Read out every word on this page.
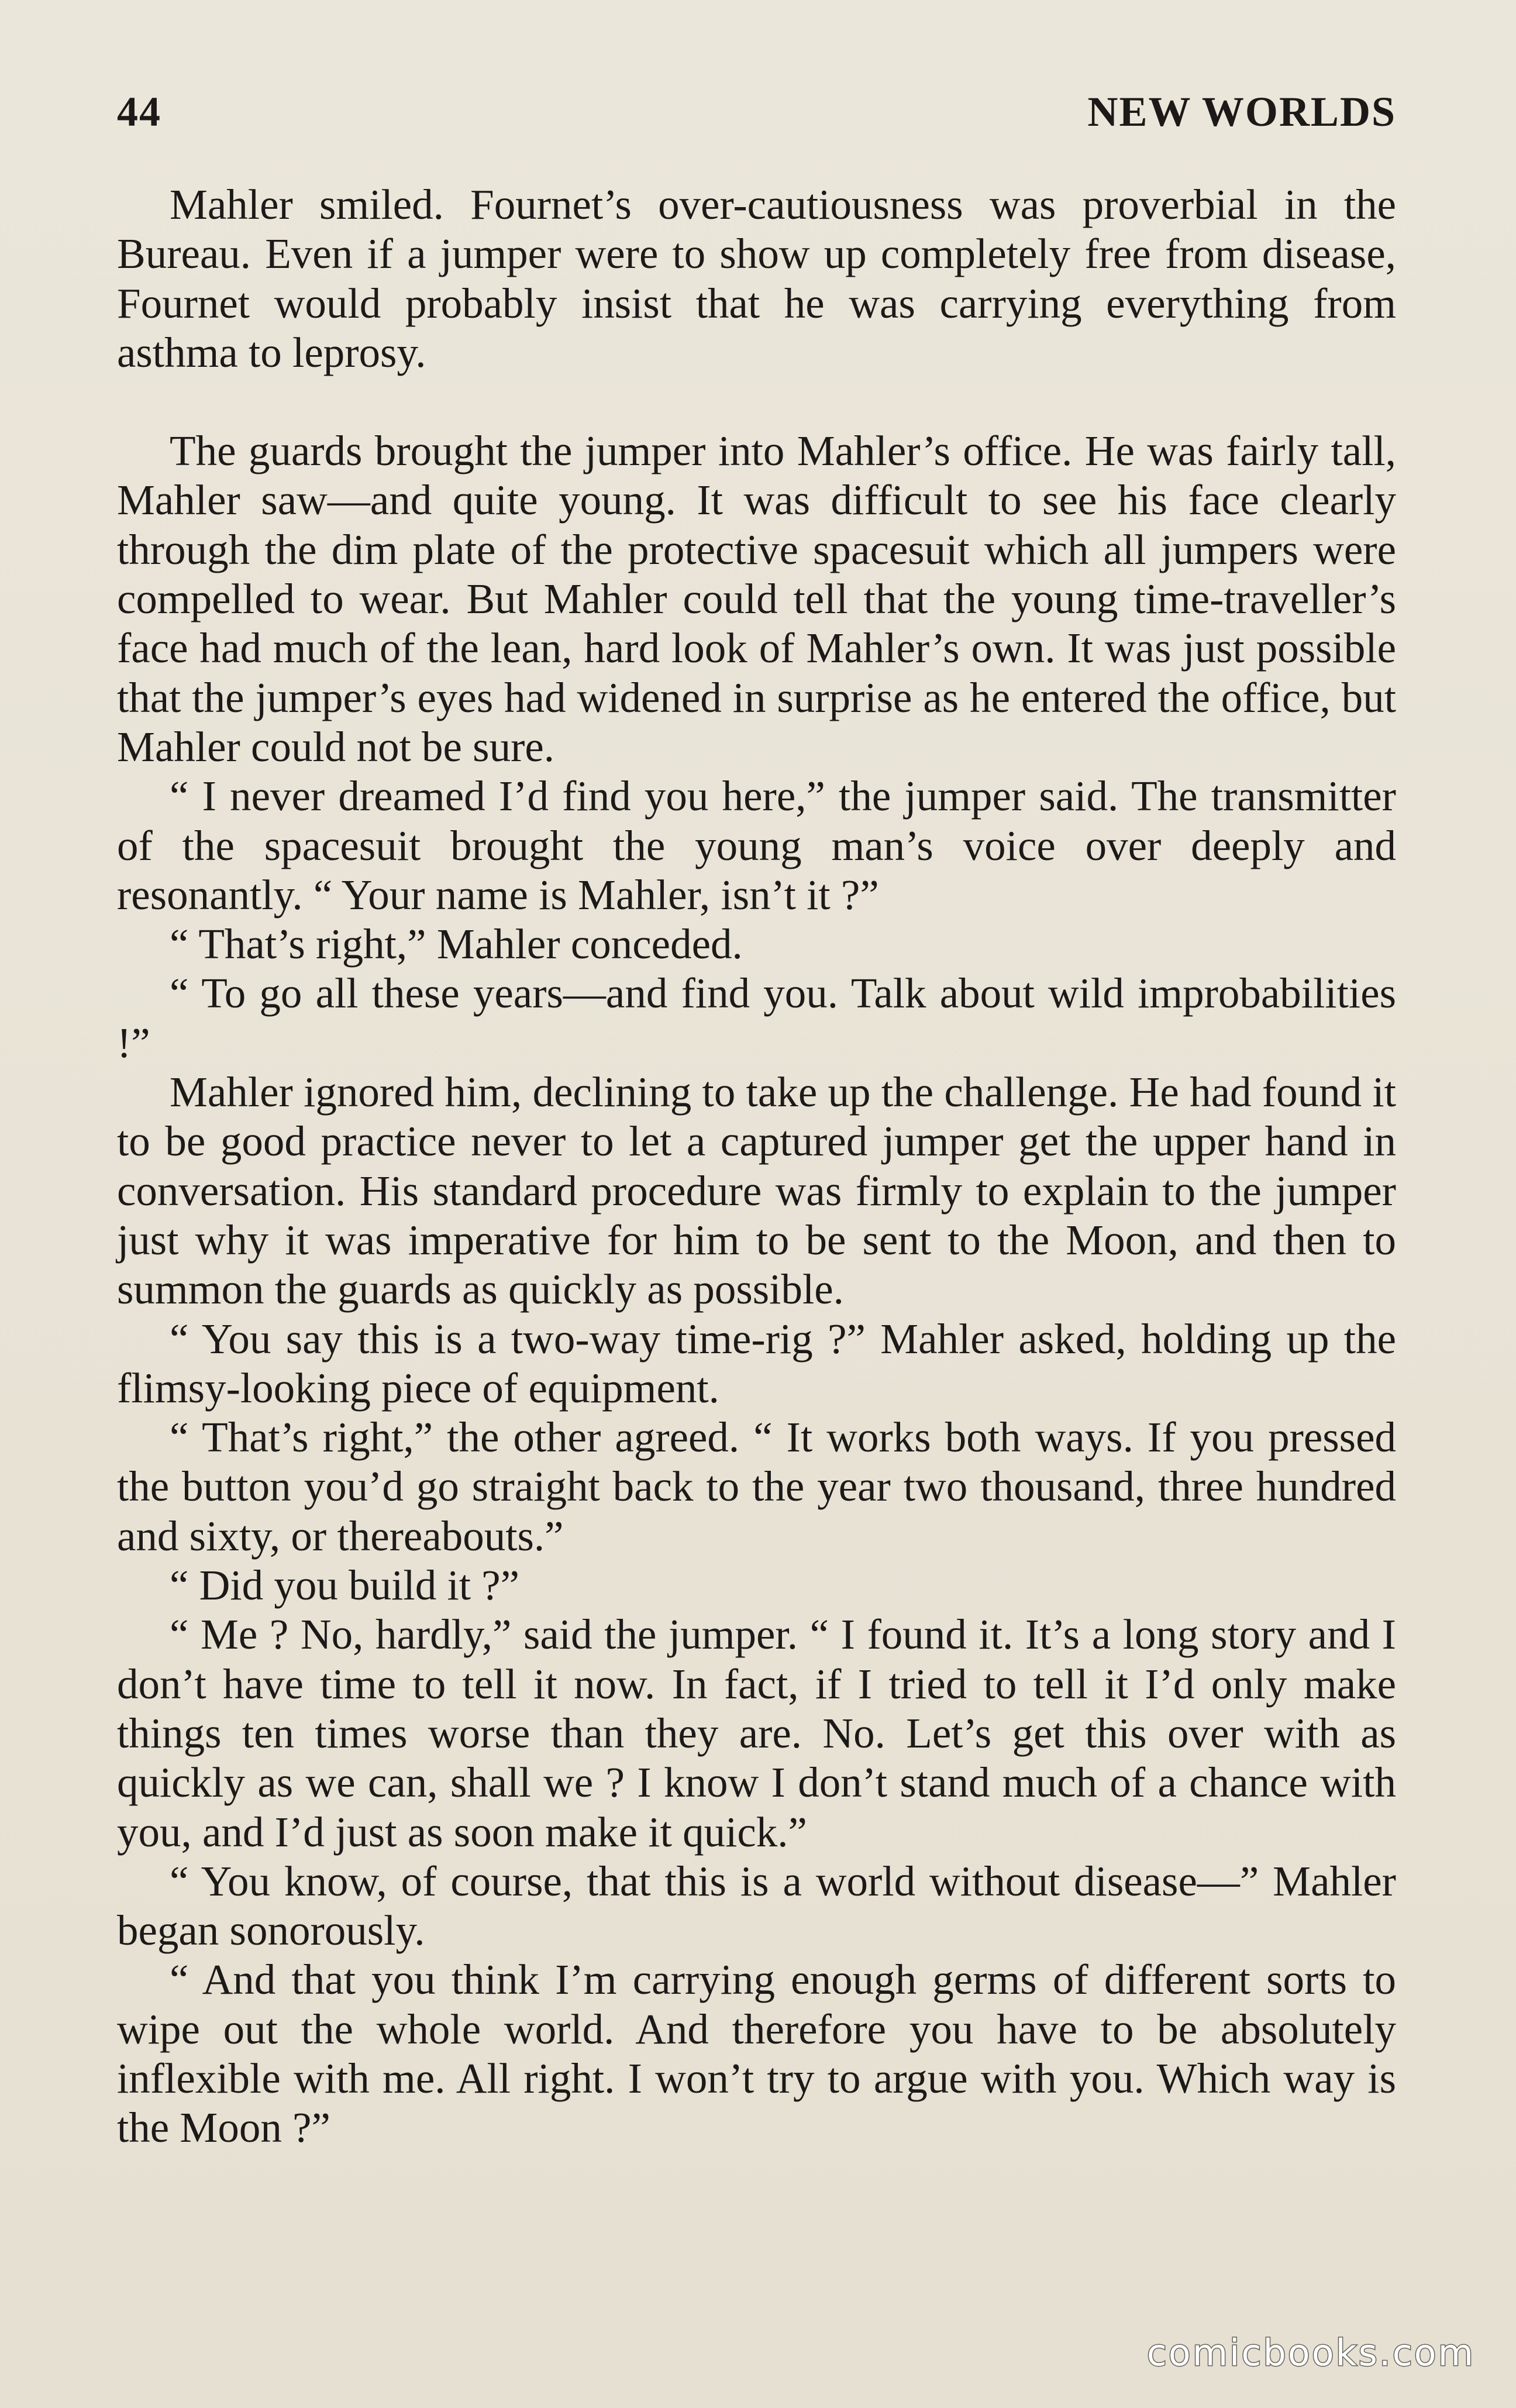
44	NEW WORLDS

Mahler smiled. Fournet’s over-cautiousness was proverbial in the Bureau. Even if a jumper were to show up completely free from disease, Fournet would probably insist that he was carrying everything from asthma to leprosy.

The guards brought the jumper into Mahler’s office. He was fairly tall, Mahler saw—and quite young. It was difficult to see his face clearly through the dim plate of the protective spacesuit which all jumpers were compelled to wear. But Mahler could tell that the young time-traveller’s face had much of the lean, hard look of Mahler’s own. It was just possible that the jumper’s eyes had widened in surprise as he entered the office, but Mahler could not be sure.

“ I never dreamed I’d find you here,” the jumper said. The transmitter of the spacesuit brought the young man’s voice over deeply and resonantly. “ Your name is Mahler, isn’t it ?”

“ That’s right,” Mahler conceded.

“ To go all these years—and find you. Talk about wild improbabilities !”

Mahler ignored him, declining to take up the challenge. He had found it to be good practice never to let a captured jumper get the upper hand in conversation. His standard procedure was firmly to explain to the jumper just why it was imperative for him to be sent to the Moon, and then to summon the guards as quickly as possible.

“ You say this is a two-way time-rig ?” Mahler asked, holding up the flimsy-looking piece of equipment.

“ That’s right,” the other agreed. “ It works both ways. If you pressed the button you’d go straight back to the year two thousand, three hundred and sixty, or thereabouts.”

“ Did you build it ?”

“ Me ? No, hardly,” said the jumper. “ I found it. It’s a long story and I don’t have time to tell it now. In fact, if I tried to tell it I’d only make things ten times worse than they are. No. Let’s get this over with as quickly as we can, shall we ? I know I don’t stand much of a chance with you, and I’d just as soon make it quick.”

“ You know, of course, that this is a world without disease—” Mahler began sonorously.

“ And that you think I’m carrying enough germs of different sorts to wipe out the whole world. And therefore you have to be absolutely inflexible with me. All right. I won’t try to argue with you. Which way is the Moon ?”

comicbooks.com
